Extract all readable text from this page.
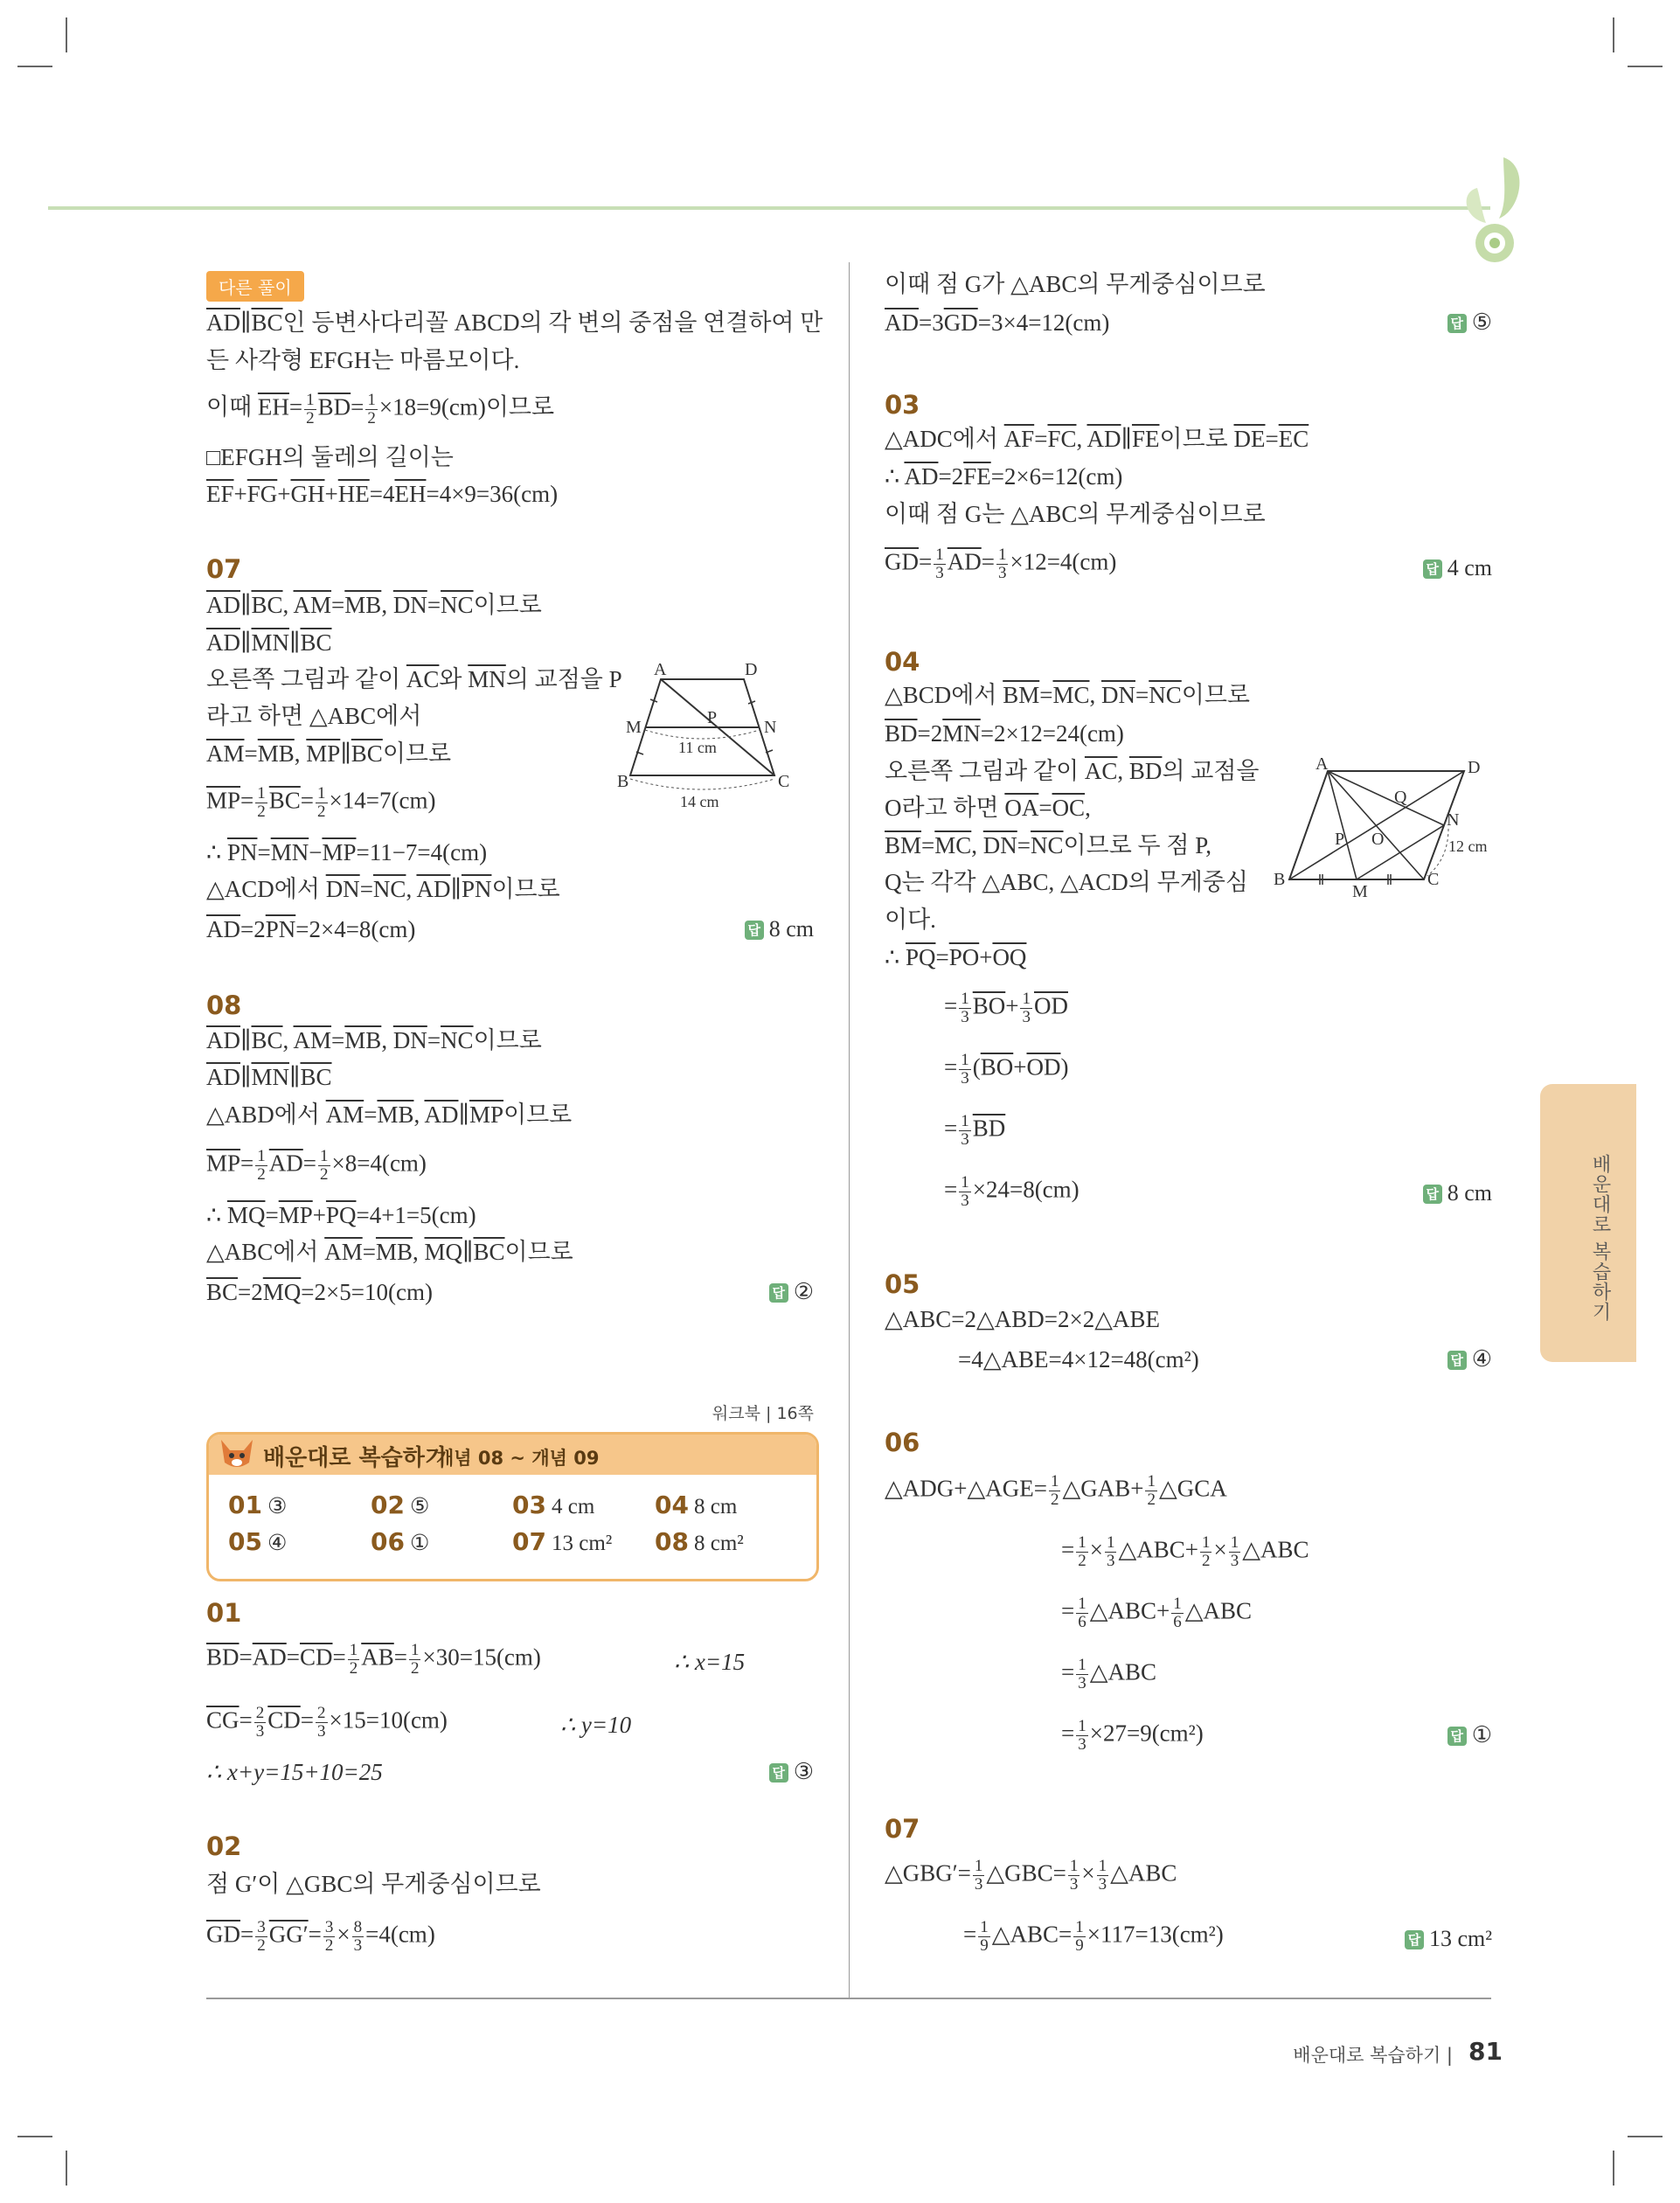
배운대로 복습하기
배운대로 복습하기 | 81
다른 풀이
$\overline{AD}\parallel\overline{BC}$인 등변사다리꼴 ABCD의 각 변의 중점을 연결하여 만
든 사각형 EFGH는 마름모이다.
이때 $\overline{EH}= \frac{1}{2} \overline{BD}= \frac{1}{2} \times 18=9(cm)$이므로
□EFGH의 둘레의 길이는
$\overline{EF}+\overline{FG}+\overline{GH}+\overline{HE}=4\overline{EH}=4\times 9=36(cm)$
07
$\overline{AD}\parallel\overline{BC}$, $\overline{AM}=\overline{MB}$, $\overline{DN}=\overline{NC}$이므로
$\overline{AD}\parallel\overline{MN}\parallel\overline{BC}$
오른쪽 그림과 같이 $\overline{AC}$와 $\overline{MN}$의 교점을 P
라고 하면 △ABC에서
$\overline{AM}=\overline{MB}$, $\overline{MP}\parallel\overline{BC}$이므로
$\overline{MP}= \frac{1}{2} \overline{BC}= \frac{1}{2} \times 14=7(cm)$
∴ $\overline{PN}=\overline{MN}-\overline{MP}=11-7=4(cm)$
△ACD에서 $\overline{DN}=\overline{NC}$, $\overline{AD}\parallel\overline{PN}$이므로
$\overline{AD}=2\overline{PN}=2\times 4=8(cm)$	답 8 cm
A	D
M	P	N
B	C
11 cm
14 cm
08
$\overline{AD}\parallel\overline{BC}$, $\overline{AM}=\overline{MB}$, $\overline{DN}=\overline{NC}$이므로
$\overline{AD}\parallel\overline{MN}\parallel\overline{BC}$
△ABD에서 $\overline{AM}=\overline{MB}$, $\overline{AD}\parallel\overline{MP}$이므로
$\overline{MP}= \frac{1}{2} \overline{AD}= \frac{1}{2} \times 8=4(cm)$
∴ $\overline{MQ}=\overline{MP}+\overline{PQ}=4+1=5(cm)$
△ABC에서 $\overline{AM}=\overline{MB}$, $\overline{MQ}\parallel\overline{BC}$이므로
$\overline{BC}=2\overline{MQ}=2\times 5=10(cm)$	답 ②
워크북 | 16쪽
배운대로 복습하기
개념 08 ~ 개념 09
01 ③	02 ⑤	03 4 cm 04 8 cm
05 ④	06 ①	07 13 cm² 08 8 cm²
01
$\overline{BD}=\overline{AD}=\overline{CD}= \frac{1}{2} \overline{AB}= \frac{1}{2} \times 30=15(cm)$	∴ x=15
$\overline{CG}= \frac{2}{3} \overline{CD}= \frac{2}{3} \times 15=10(cm)$	∴ y=10
∴ x+y=15+10=25	답 ③
02
점 G′이 △GBC의 무게중심이므로
$\overline{GD}= \frac{3}{2} GG'= \frac{3}{2} \times \frac{8}{3} =4(cm)$
이때 점 G가 △ABC의 무게중심이므로
$\overline{AD}=3\overline{GD}=3\times 4=12(cm)$	답 ⑤
03
△ADC에서 $\overline{AF}=\overline{FC}$, $\overline{AD}\parallel\overline{FE}$이므로 $\overline{DE}=\overline{EC}$
∴ $\overline{AD}=2\overline{FE}=2\times 6=12(cm)$
이때 점 G는 △ABC의 무게중심이므로
$\overline{GD}= \frac{1}{3} \overline{AD}= \frac{1}{3} \times 12=4(cm)$	답 4 cm
04
△BCD에서 $\overline{BM}=\overline{MC}$, $\overline{DN}=\overline{NC}$이므로
$\overline{BD}=2\overline{MN}=2\times 12=24(cm)$
오른쪽 그림과 같이 $\overline{AC}$, $\overline{BD}$의 교점을
O라고 하면 $\overline{OA}=\overline{OC}$,
$\overline{BM}=\overline{MC}$, $\overline{DN}=\overline{NC}$이므로 두 점 P,
Q는 각각 △ABC, △ACD의 무게중심
이다.
∴ $\overline{PQ}=\overline{PO}+\overline{OQ}$
= $\frac{1}{3} \overline{BO}+ \frac{1}{3} \overline{OD}$
= $\frac{1}{3} (\overline{BO}+\overline{OD})$
= $\frac{1}{3} \overline{BD}$
= $\frac{1}{3} \times 24=8(cm)$	답 8 cm
A	D
Q
P O
N
B
M
C
12 cm
05
△ABC=2△ABD=2×2△ABE
=4△ABE=4×12=48(cm²)	답 ④
06
△ADG+△AGE= $\frac{1}{2}$ △GAB+ $\frac{1}{2}$ △GCA
= $\frac{1}{2} \times \frac{1}{3}$ △ABC+ $\frac{1}{2} \times \frac{1}{3}$ △ABC
= $\frac{1}{6}$ △ABC+ $\frac{1}{6}$ △ABC
= $\frac{1}{3}$ △ABC
= $\frac{1}{3} \times 27=9(cm^2)$	답 ①
07
△GBG′= $\frac{1}{3}$ △GBC= $\frac{1}{3} \times \frac{1}{3}$ △ABC
= $\frac{1}{9}$ △ABC= $\frac{1}{9} \times 117=13(cm^2)$	답 13 cm²
